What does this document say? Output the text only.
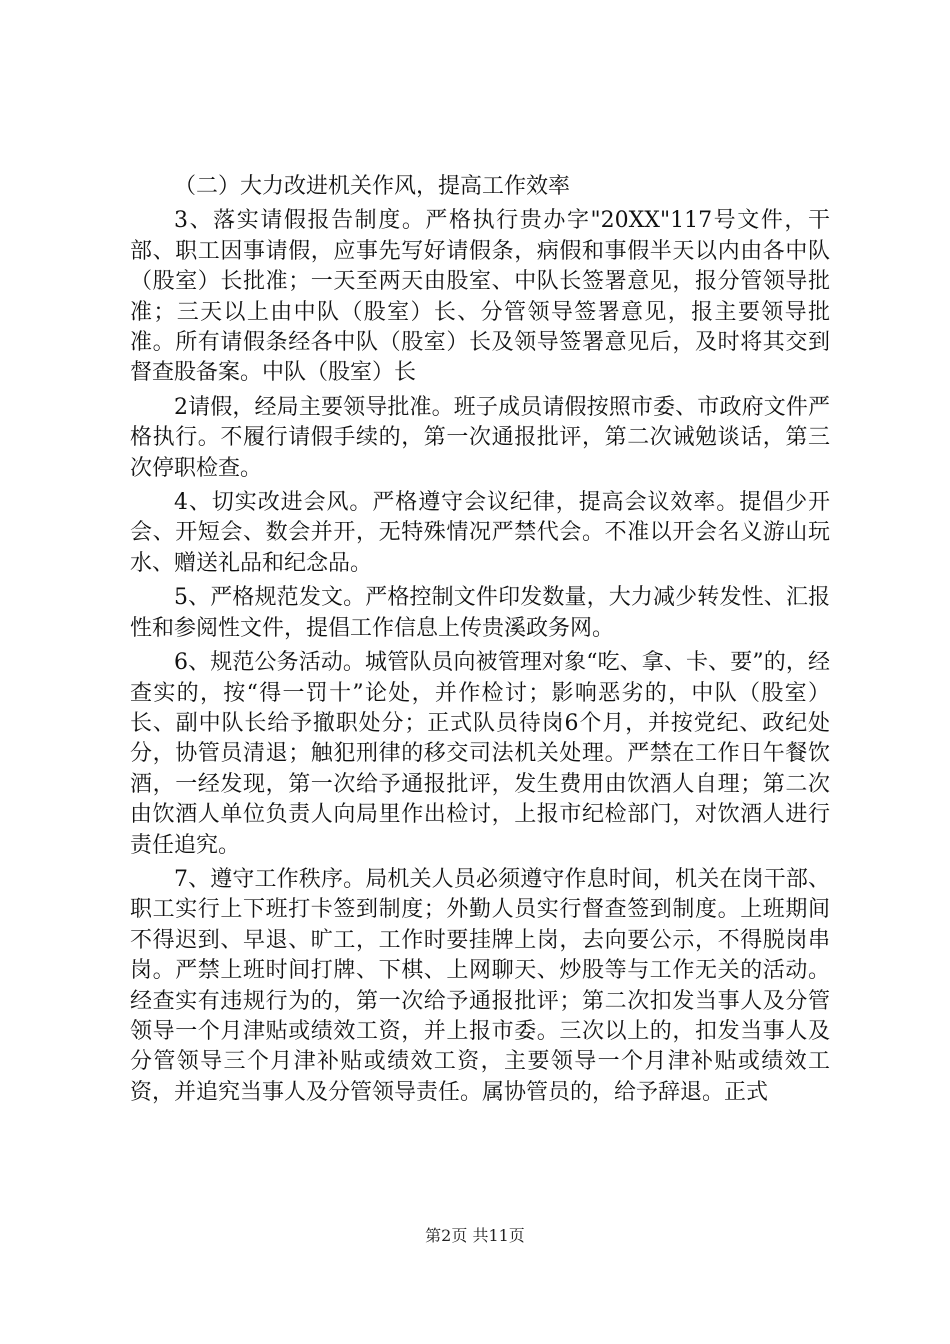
（二）大力改进机关作风，提高工作效率

3、落实请假报告制度。严格执行贵办字"20XX"117号文件，干部、职工因事请假，应事先写好请假条，病假和事假半天以内由各中队（股室）长批准；一天至两天由股室、中队长签署意见，报分管领导批准；三天以上由中队（股室）长、分管领导签署意见，报主要领导批准。所有请假条经各中队（股室）长及领导签署意见后，及时将其交到督查股备案。中队（股室）长

2请假，经局主要领导批准。班子成员请假按照市委、市政府文件严格执行。不履行请假手续的，第一次通报批评，第二次诫勉谈话，第三次停职检查。

4、切实改进会风。严格遵守会议纪律，提高会议效率。提倡少开会、开短会、数会并开，无特殊情况严禁代会。不准以开会名义游山玩水、赠送礼品和纪念品。

5、严格规范发文。严格控制文件印发数量，大力减少转发性、汇报性和参阅性文件，提倡工作信息上传贵溪政务网。

6、规范公务活动。城管队员向被管理对象“吃、拿、卡、要”的，经查实的，按“得一罚十”论处，并作检讨；影响恶劣的，中队（股室）长、副中队长给予撤职处分；正式队员待岗6个月，并按党纪、政纪处分，协管员清退；触犯刑律的移交司法机关处理。严禁在工作日午餐饮酒，一经发现，第一次给予通报批评，发生费用由饮酒人自理；第二次由饮酒人单位负责人向局里作出检讨，上报市纪检部门，对饮酒人进行责任追究。

7、遵守工作秩序。局机关人员必须遵守作息时间，机关在岗干部、职工实行上下班打卡签到制度；外勤人员实行督查签到制度。上班期间不得迟到、早退、旷工，工作时要挂牌上岗，去向要公示，不得脱岗串岗。严禁上班时间打牌、下棋、上网聊天、炒股等与工作无关的活动。经查实有违规行为的，第一次给予通报批评；第二次扣发当事人及分管领导一个月津贴或绩效工资，并上报市委。三次以上的，扣发当事人及分管领导三个月津补贴或绩效工资，主要领导一个月津补贴或绩效工资，并追究当事人及分管领导责任。属协管员的，给予辞退。正式

第2页 共11页
